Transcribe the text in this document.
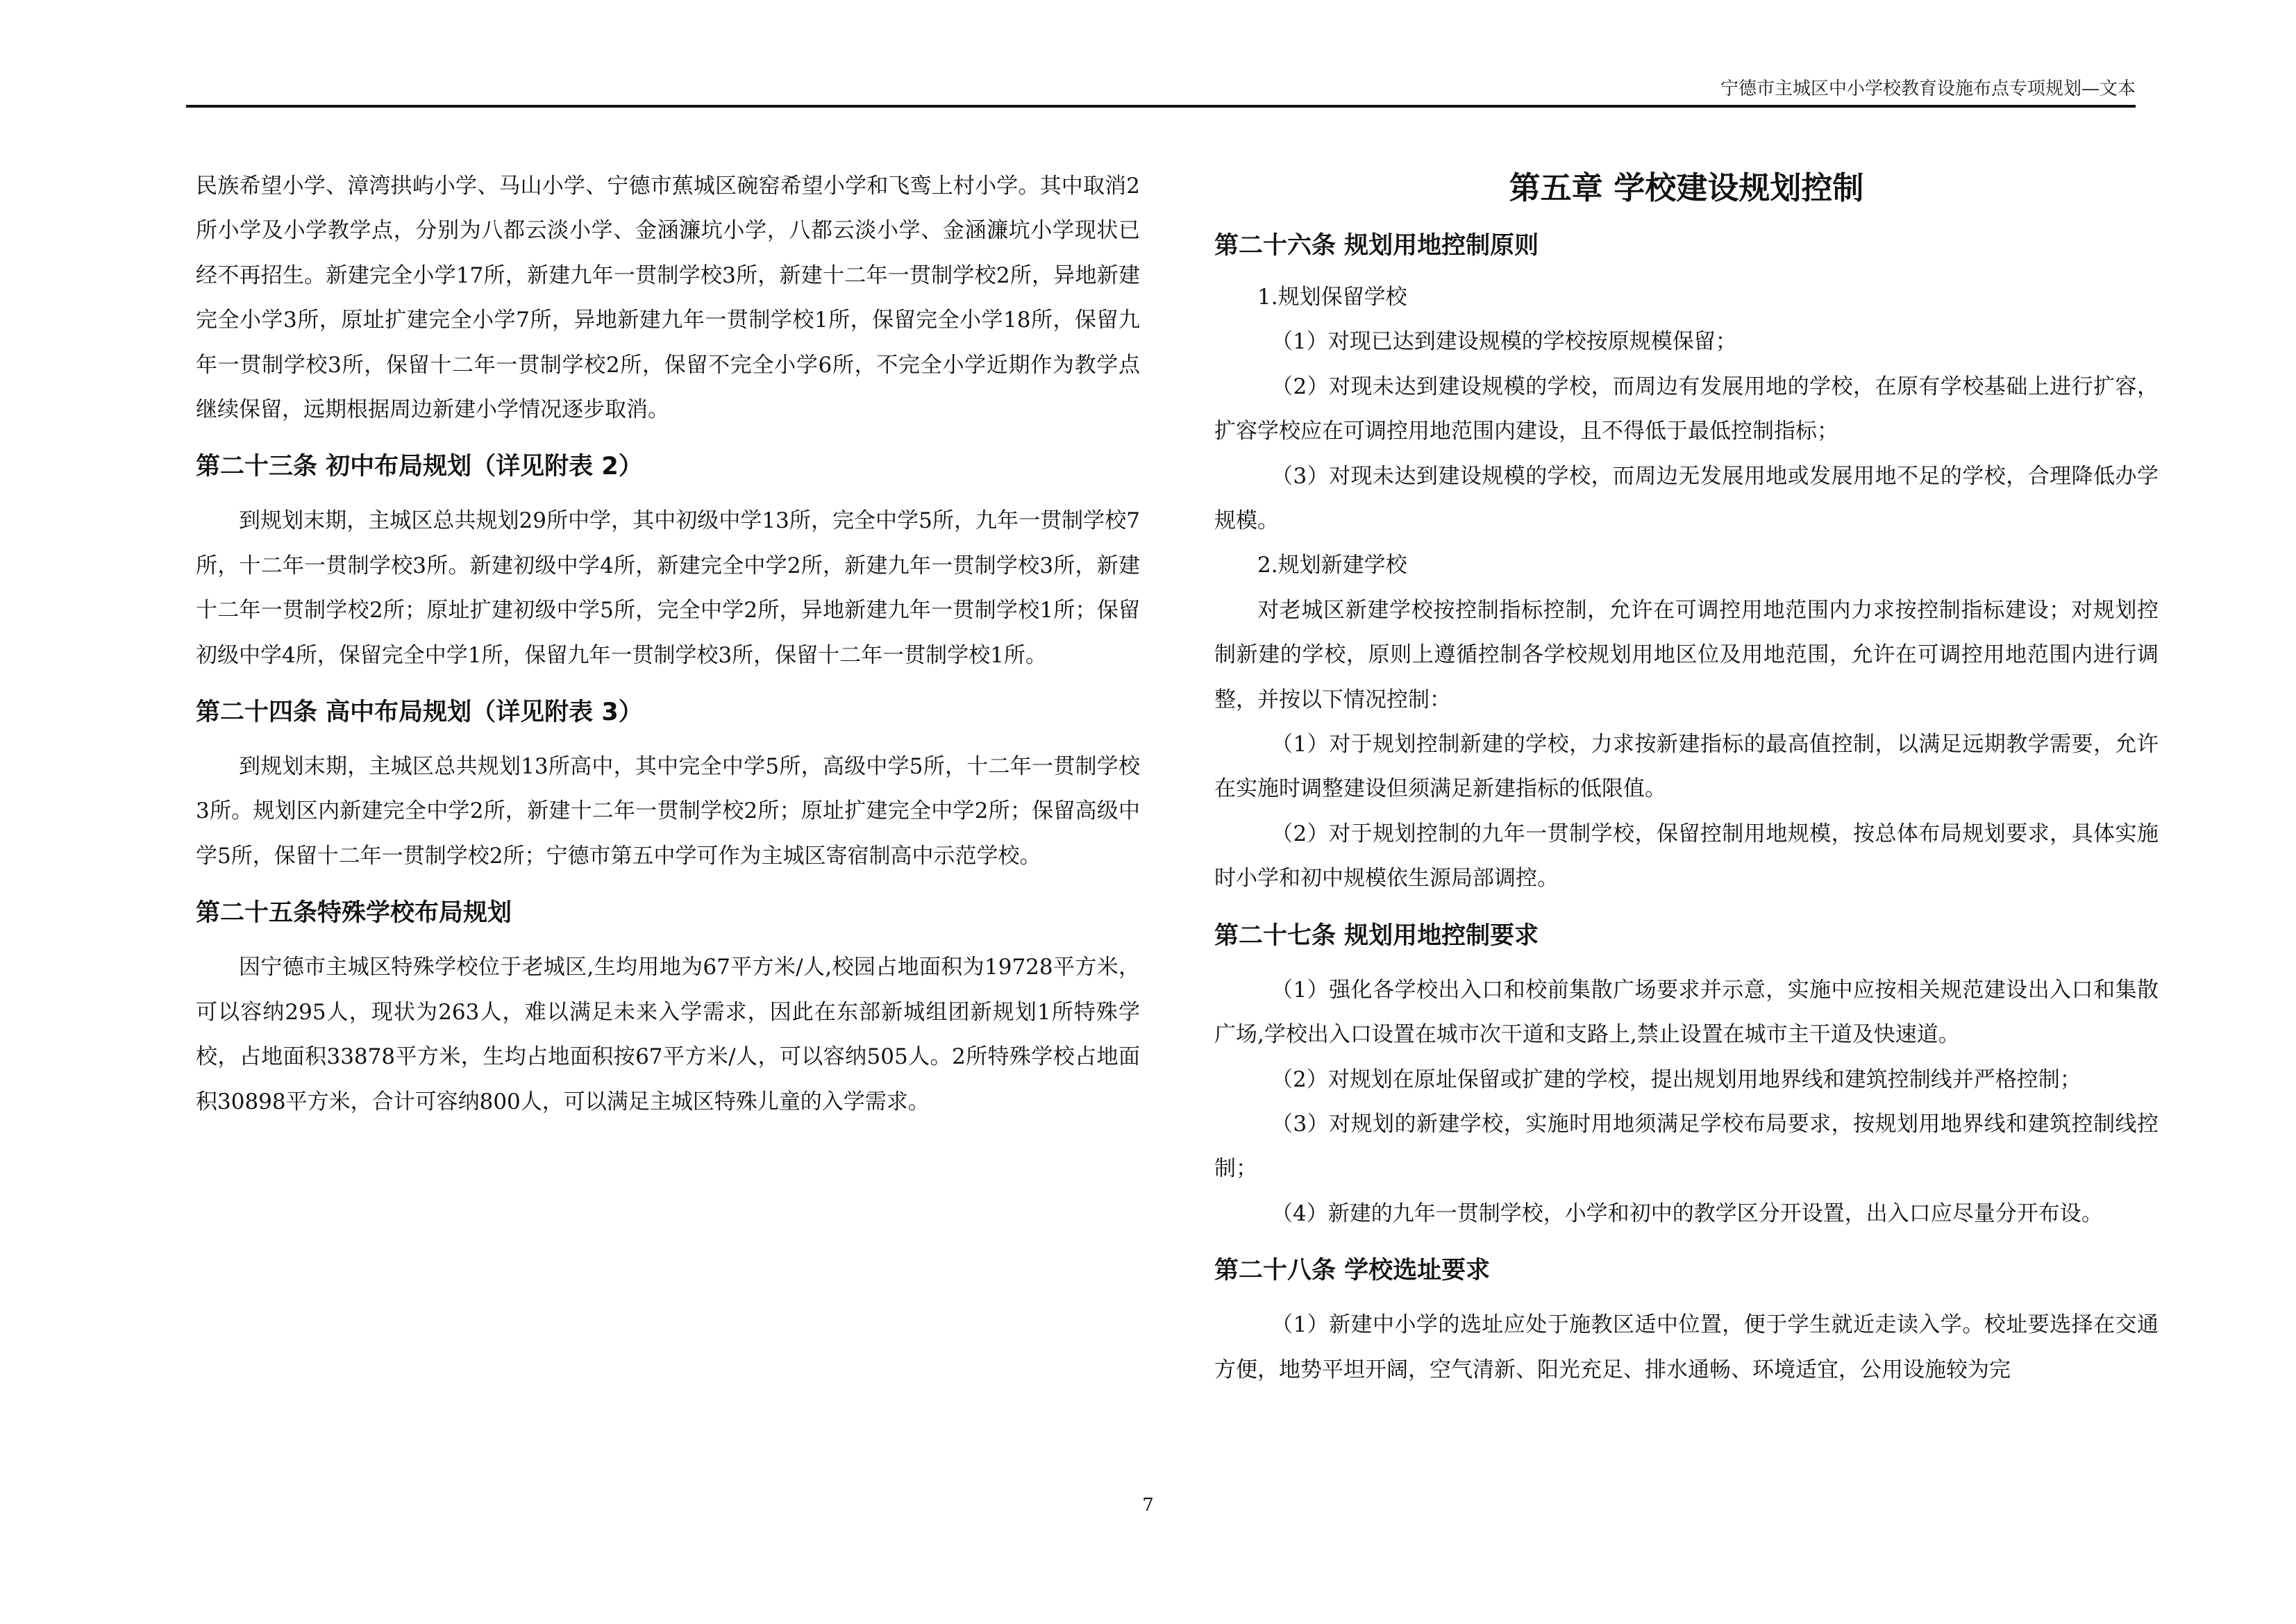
宁德市主城区中小学校教育设施布点专项规划—文本

民族希望小学、漳湾拱屿小学、马山小学、宁德市蕉城区碗窑希望小学和飞鸾上村小学。其中取消2所小学及小学教学点，分别为八都云淡小学、金涵濂坑小学，八都云淡小学、金涵濂坑小学现状已经不再招生。新建完全小学17所，新建九年一贯制学校3所，新建十二年一贯制学校2所，异地新建完全小学3所，原址扩建完全小学7所，异地新建九年一贯制学校1所，保留完全小学18所，保留九年一贯制学校3所，保留十二年一贯制学校2所，保留不完全小学6所，不完全小学近期作为教学点继续保留，远期根据周边新建小学情况逐步取消。

第二十三条 初中布局规划（详见附表 2）

到规划末期，主城区总共规划29所中学，其中初级中学13所，完全中学5所，九年一贯制学校7所，十二年一贯制学校3所。新建初级中学4所，新建完全中学2所，新建九年一贯制学校3所，新建十二年一贯制学校2所；原址扩建初级中学5所，完全中学2所，异地新建九年一贯制学校1所；保留初级中学4所，保留完全中学1所，保留九年一贯制学校3所，保留十二年一贯制学校1所。

第二十四条 高中布局规划（详见附表 3）

到规划末期，主城区总共规划13所高中，其中完全中学5所，高级中学5所，十二年一贯制学校3所。规划区内新建完全中学2所，新建十二年一贯制学校2所；原址扩建完全中学2所；保留高级中学5所，保留十二年一贯制学校2所；宁德市第五中学可作为主城区寄宿制高中示范学校。

第二十五条特殊学校布局规划

因宁德市主城区特殊学校位于老城区,生均用地为67平方米/人,校园占地面积为19728平方米，可以容纳295人，现状为263人，难以满足未来入学需求，因此在东部新城组团新规划1所特殊学校，占地面积33878平方米，生均占地面积按67平方米/人，可以容纳505人。2所特殊学校占地面积30898平方米，合计可容纳800人，可以满足主城区特殊儿童的入学需求。

第五章 学校建设规划控制
第二十六条 规划用地控制原则

1.规划保留学校

（1）对现已达到建设规模的学校按原规模保留；

（2）对现未达到建设规模的学校，而周边有发展用地的学校，在原有学校基础上进行扩容，扩容学校应在可调控用地范围内建设，且不得低于最低控制指标；

（3）对现未达到建设规模的学校，而周边无发展用地或发展用地不足的学校，合理降低办学规模。

2.规划新建学校

对老城区新建学校按控制指标控制，允许在可调控用地范围内力求按控制指标建设；对规划控制新建的学校，原则上遵循控制各学校规划用地区位及用地范围，允许在可调控用地范围内进行调整，并按以下情况控制：

（1）对于规划控制新建的学校，力求按新建指标的最高值控制，以满足远期教学需要，允许在实施时调整建设但须满足新建指标的低限值。

（2）对于规划控制的九年一贯制学校，保留控制用地规模，按总体布局规划要求，具体实施时小学和初中规模依生源局部调控。

第二十七条 规划用地控制要求

（1）强化各学校出入口和校前集散广场要求并示意，实施中应按相关规范建设出入口和集散广场,学校出入口设置在城市次干道和支路上,禁止设置在城市主干道及快速道。

（2）对规划在原址保留或扩建的学校，提出规划用地界线和建筑控制线并严格控制；

（3）对规划的新建学校，实施时用地须满足学校布局要求，按规划用地界线和建筑控制线控制；

（4）新建的九年一贯制学校，小学和初中的教学区分开设置，出入口应尽量分开布设。

第二十八条 学校选址要求

（1）新建中小学的选址应处于施教区适中位置，便于学生就近走读入学。校址要选择在交通方便，地势平坦开阔，空气清新、阳光充足、排水通畅、环境适宜，公用设施较为完

7
